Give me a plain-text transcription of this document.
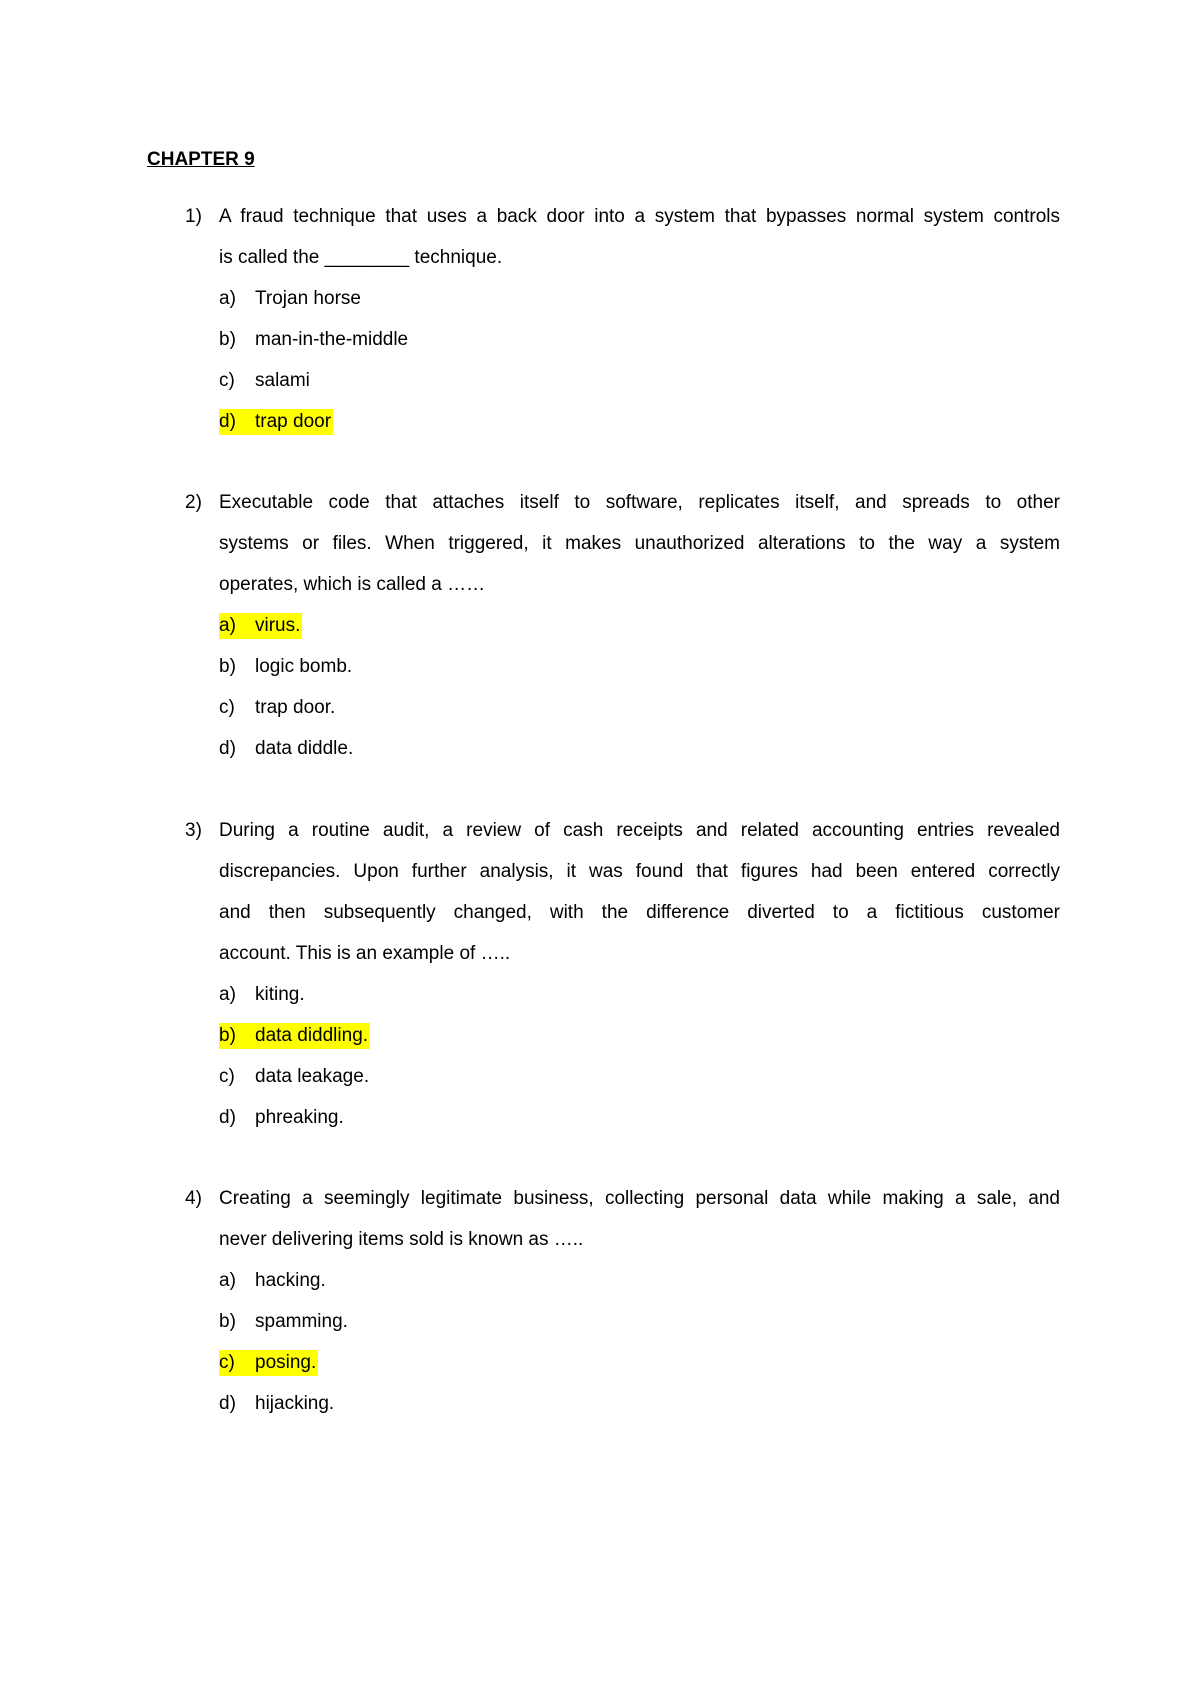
CHAPTER 9
1) A fraud technique that uses a back door into a system that bypasses normal system controls
is called the ________ technique.
a) Trojan horse
b) man-in-the-middle
c) salami
d) trap door
2) Executable code that attaches itself to software, replicates itself, and spreads to other
systems or files. When triggered, it makes unauthorized alterations to the way a system
operates, which is called a ……
a) virus.
b) logic bomb.
c) trap door.
d) data diddle.
3) During a routine audit, a review of cash receipts and related accounting entries revealed
discrepancies. Upon further analysis, it was found that figures had been entered correctly
and then subsequently changed, with the difference diverted to a fictitious customer
account. This is an example of …..
a) kiting.
b) data diddling.
c) data leakage.
d) phreaking.
4) Creating a seemingly legitimate business, collecting personal data while making a sale, and
never delivering items sold is known as …..
a) hacking.
b) spamming.
c) posing.
d) hijacking.
